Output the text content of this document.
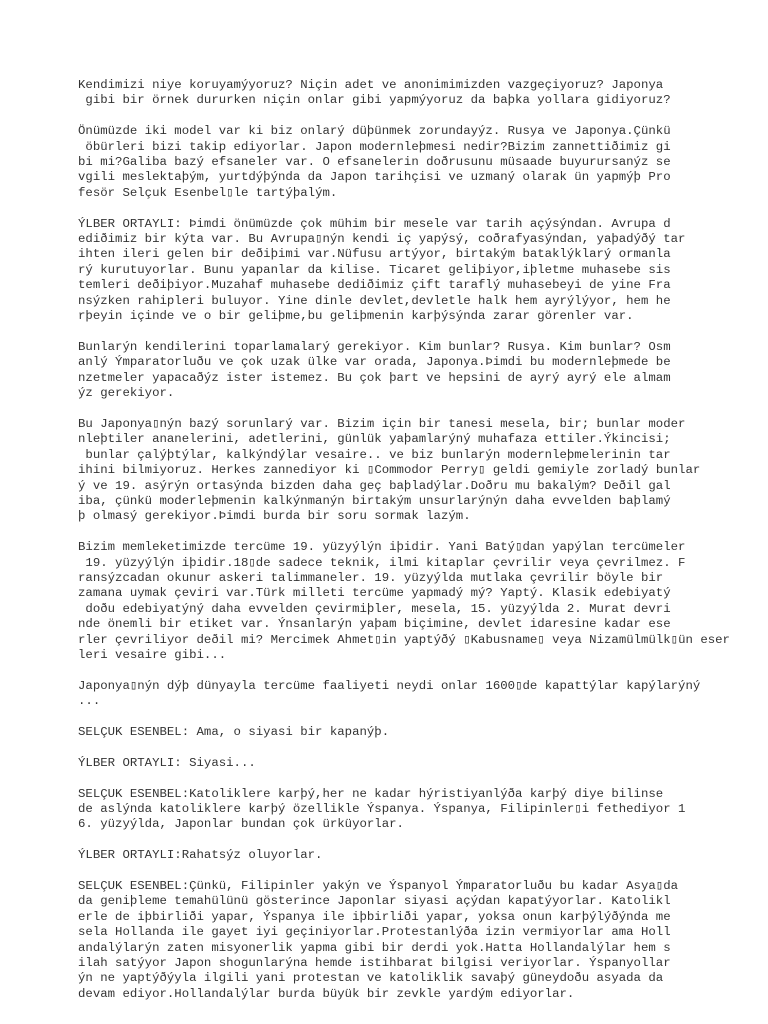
Kendimizi niye koruyamýyoruz? Niçin adet ve anonimimizden vazgeçiyoruz? Japonya
gibi bir örnek dururken niçin onlar gibi yapmýyoruz da baþka yollara gidiyoruz?

Önümüzde iki model var ki biz onlarý düþünmek zorundayýz. Rusya ve Japonya.Çünkü
öbürleri bizi takip ediyorlar. Japon modernleþmesi nedir?Bizim zannettiðimiz gi
bi mi?Galiba bazý efsaneler var. O efsanelerin doðrusunu müsaade buyurursanýz se
vgili meslektaþým, yurtdýþýnda da Japon tarihçisi ve uzmaný olarak ün yapmýþ Pro
fesör Selçuk Esenbel▯le tartýþalým.

ÝLBER ORTAYLI: Þimdi önümüzde çok mühim bir mesele var tarih açýsýndan. Avrupa d
ediðimiz bir kýta var. Bu Avrupa▯nýn kendi iç yapýsý, coðrafyasýndan, yaþadýðý tar
ihten ileri gelen bir deðiþimi var.Nüfusu artýyor, birtakým bataklýklarý ormanla
rý kurutuyorlar. Bunu yapanlar da kilise. Ticaret geliþiyor,iþletme muhasebe sis
temleri deðiþiyor.Muzahaf muhasebe dediðimiz çift taraflý muhasebeyi de yine Fra
nsýzken rahipleri buluyor. Yine dinle devlet,devletle halk hem ayrýlýyor, hem he
rþeyin içinde ve o bir geliþme,bu geliþmenin karþýsýnda zarar görenler var.

Bunlarýn kendilerini toparlamalarý gerekiyor. Kim bunlar? Rusya. Kim bunlar? Osm
anlý Ýmparatorluðu ve çok uzak ülke var orada, Japonya.Þimdi bu modernleþmede be
nzetmeler yapacaðýz ister istemez. Bu çok þart ve hepsini de ayrý ayrý ele almam
ýz gerekiyor.

Bu Japonya▯nýn bazý sorunlarý var. Bizim için bir tanesi mesela, bir; bunlar moder
nleþtiler ananelerini, adetlerini, günlük yaþamlarýný muhafaza ettiler.Ýkincisi;
bunlar çalýþtýlar, kalkýndýlar vesaire.. ve biz bunlarýn modernleþmelerinin tar
ihini bilmiyoruz. Herkes zannediyor ki ▯Commodor Perry▯ geldi gemiyle zorladý bunlar
ý ve 19. asýrýn ortasýnda bizden daha geç baþladýlar.Doðru mu bakalým? Deðil gal
iba, çünkü moderleþmenin kalkýnmanýn birtakým unsurlarýnýn daha evvelden baþlamý
þ olmasý gerekiyor.Þimdi burda bir soru sormak lazým.

Bizim memleketimizde tercüme 19. yüzyýlýn iþidir. Yani Batý▯dan yapýlan tercümeler
19. yüzyýlýn iþidir.18▯de sadece teknik, ilmi kitaplar çevrilir veya çevrilmez. F
ransýzcadan okunur askeri talimmaneler. 19. yüzyýlda mutlaka çevrilir böyle bir
zamana uymak çeviri var.Türk milleti tercüme yapmadý mý? Yaptý. Klasik edebiyatý
doðu edebiyatýný daha evvelden çevirmiþler, mesela, 15. yüzyýlda 2. Murat devri
nde önemli bir etiket var. Ýnsanlarýn yaþam biçimine, devlet idaresine kadar ese
rler çevriliyor deðil mi? Mercimek Ahmet▯in yaptýðý ▯Kabusname▯ veya Nizamülmülk▯ün eser
leri vesaire gibi...

Japonya▯nýn dýþ dünyayla tercüme faaliyeti neydi onlar 1600▯de kapattýlar kapýlarýný
...

SELÇUK ESENBEL: Ama, o siyasi bir kapanýþ.

ÝLBER ORTAYLI: Siyasi...

SELÇUK ESENBEL:Katoliklere karþý,her ne kadar hýristiyanlýða karþý diye bilinse
de aslýnda katoliklere karþý özellikle Ýspanya. Ýspanya, Filipinler▯i fethediyor 1
6. yüzyýlda, Japonlar bundan çok ürküyorlar.

ÝLBER ORTAYLI:Rahatsýz oluyorlar.

SELÇUK ESENBEL:Çünkü, Filipinler yakýn ve Ýspanyol Ýmparatorluðu bu kadar Asya▯da
da geniþleme temahülünü gösterince Japonlar siyasi açýdan kapatýyorlar. Katolikl
erle de iþbirliði yapar, Ýspanya ile iþbirliði yapar, yoksa onun karþýlýðýnda me
sela Hollanda ile gayet iyi geçiniyorlar.Protestanlýða izin vermiyorlar ama Holl
andalýlarýn zaten misyonerlik yapma gibi bir derdi yok.Hatta Hollandalýlar hem s
ilah satýyor Japon shogunlarýna hemde istihbarat bilgisi veriyorlar. Ýspanyollar
ýn ne yaptýðýyla ilgili yani protestan ve katoliklik savaþý güneydoðu asyada da
devam ediyor.Hollandalýlar burda büyük bir zevkle yardým ediyorlar.
